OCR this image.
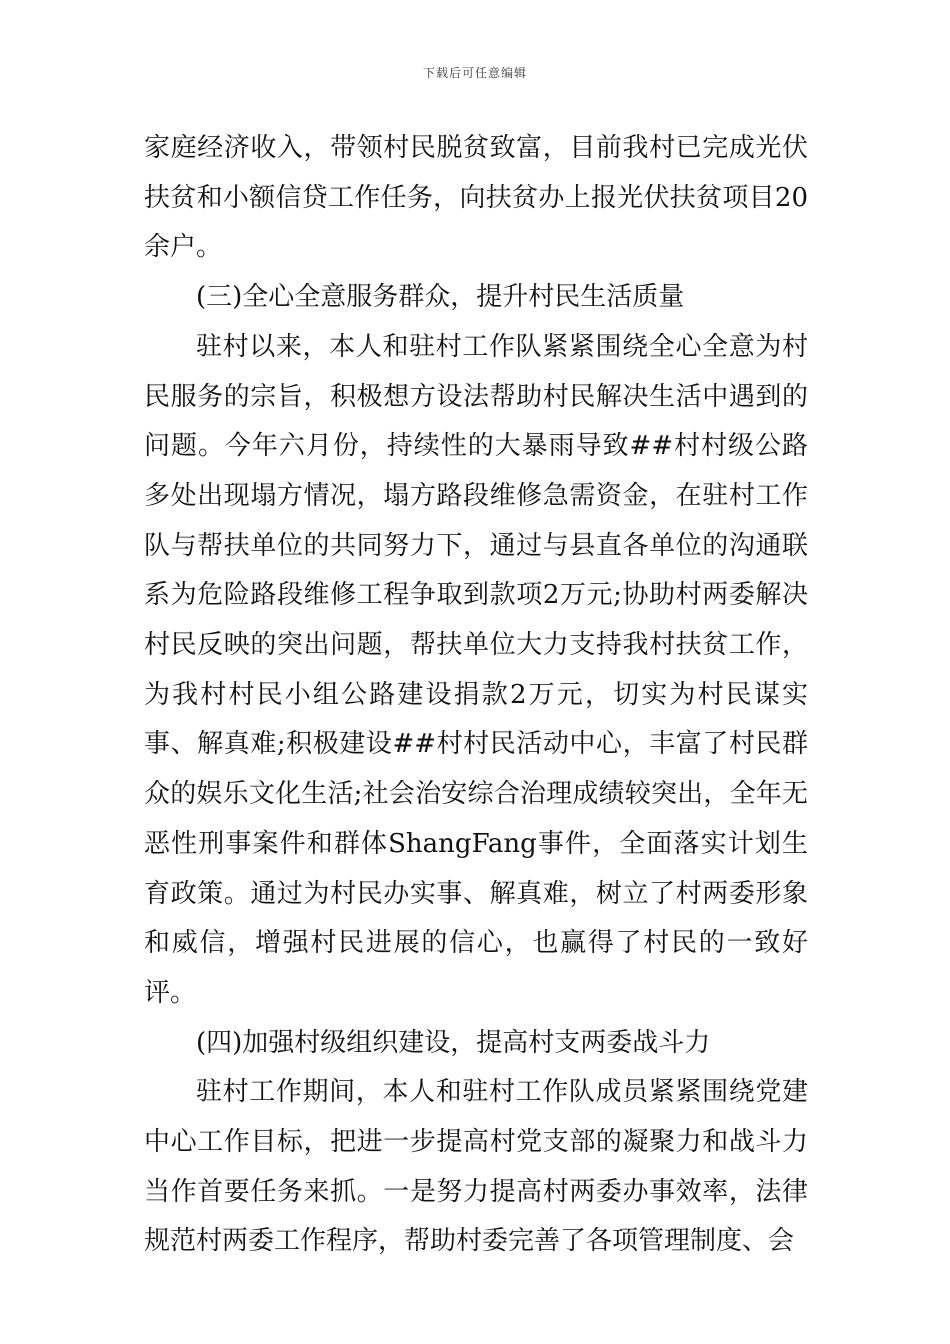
下载后可任意编辑

家庭经济收入，带领村民脱贫致富，目前我村已完成光伏扶贫和小额信贷工作任务，向扶贫办上报光伏扶贫项目20余户。

(三)全心全意服务群众，提升村民生活质量

驻村以来，本人和驻村工作队紧紧围绕全心全意为村民服务的宗旨，积极想方设法帮助村民解决生活中遇到的问题。今年六月份，持续性的大暴雨导致##村村级公路多处出现塌方情况，塌方路段维修急需资金，在驻村工作队与帮扶单位的共同努力下，通过与县直各单位的沟通联系为危险路段维修工程争取到款项2万元;协助村两委解决村民反映的突出问题，帮扶单位大力支持我村扶贫工作，为我村村民小组公路建设捐款2万元，切实为村民谋实事、解真难;积极建设##村村民活动中心，丰富了村民群众的娱乐文化生活;社会治安综合治理成绩较突出，全年无恶性刑事案件和群体ShangFang事件，全面落实计划生育政策。通过为村民办实事、解真难，树立了村两委形象和威信，增强村民进展的信心，也赢得了村民的一致好评。

(四)加强村级组织建设，提高村支两委战斗力

驻村工作期间，本人和驻村工作队成员紧紧围绕党建中心工作目标，把进一步提高村党支部的凝聚力和战斗力当作首要任务来抓。一是努力提高村两委办事效率，法律规范村两委工作程序，帮助村委完善了各项管理制度、会
